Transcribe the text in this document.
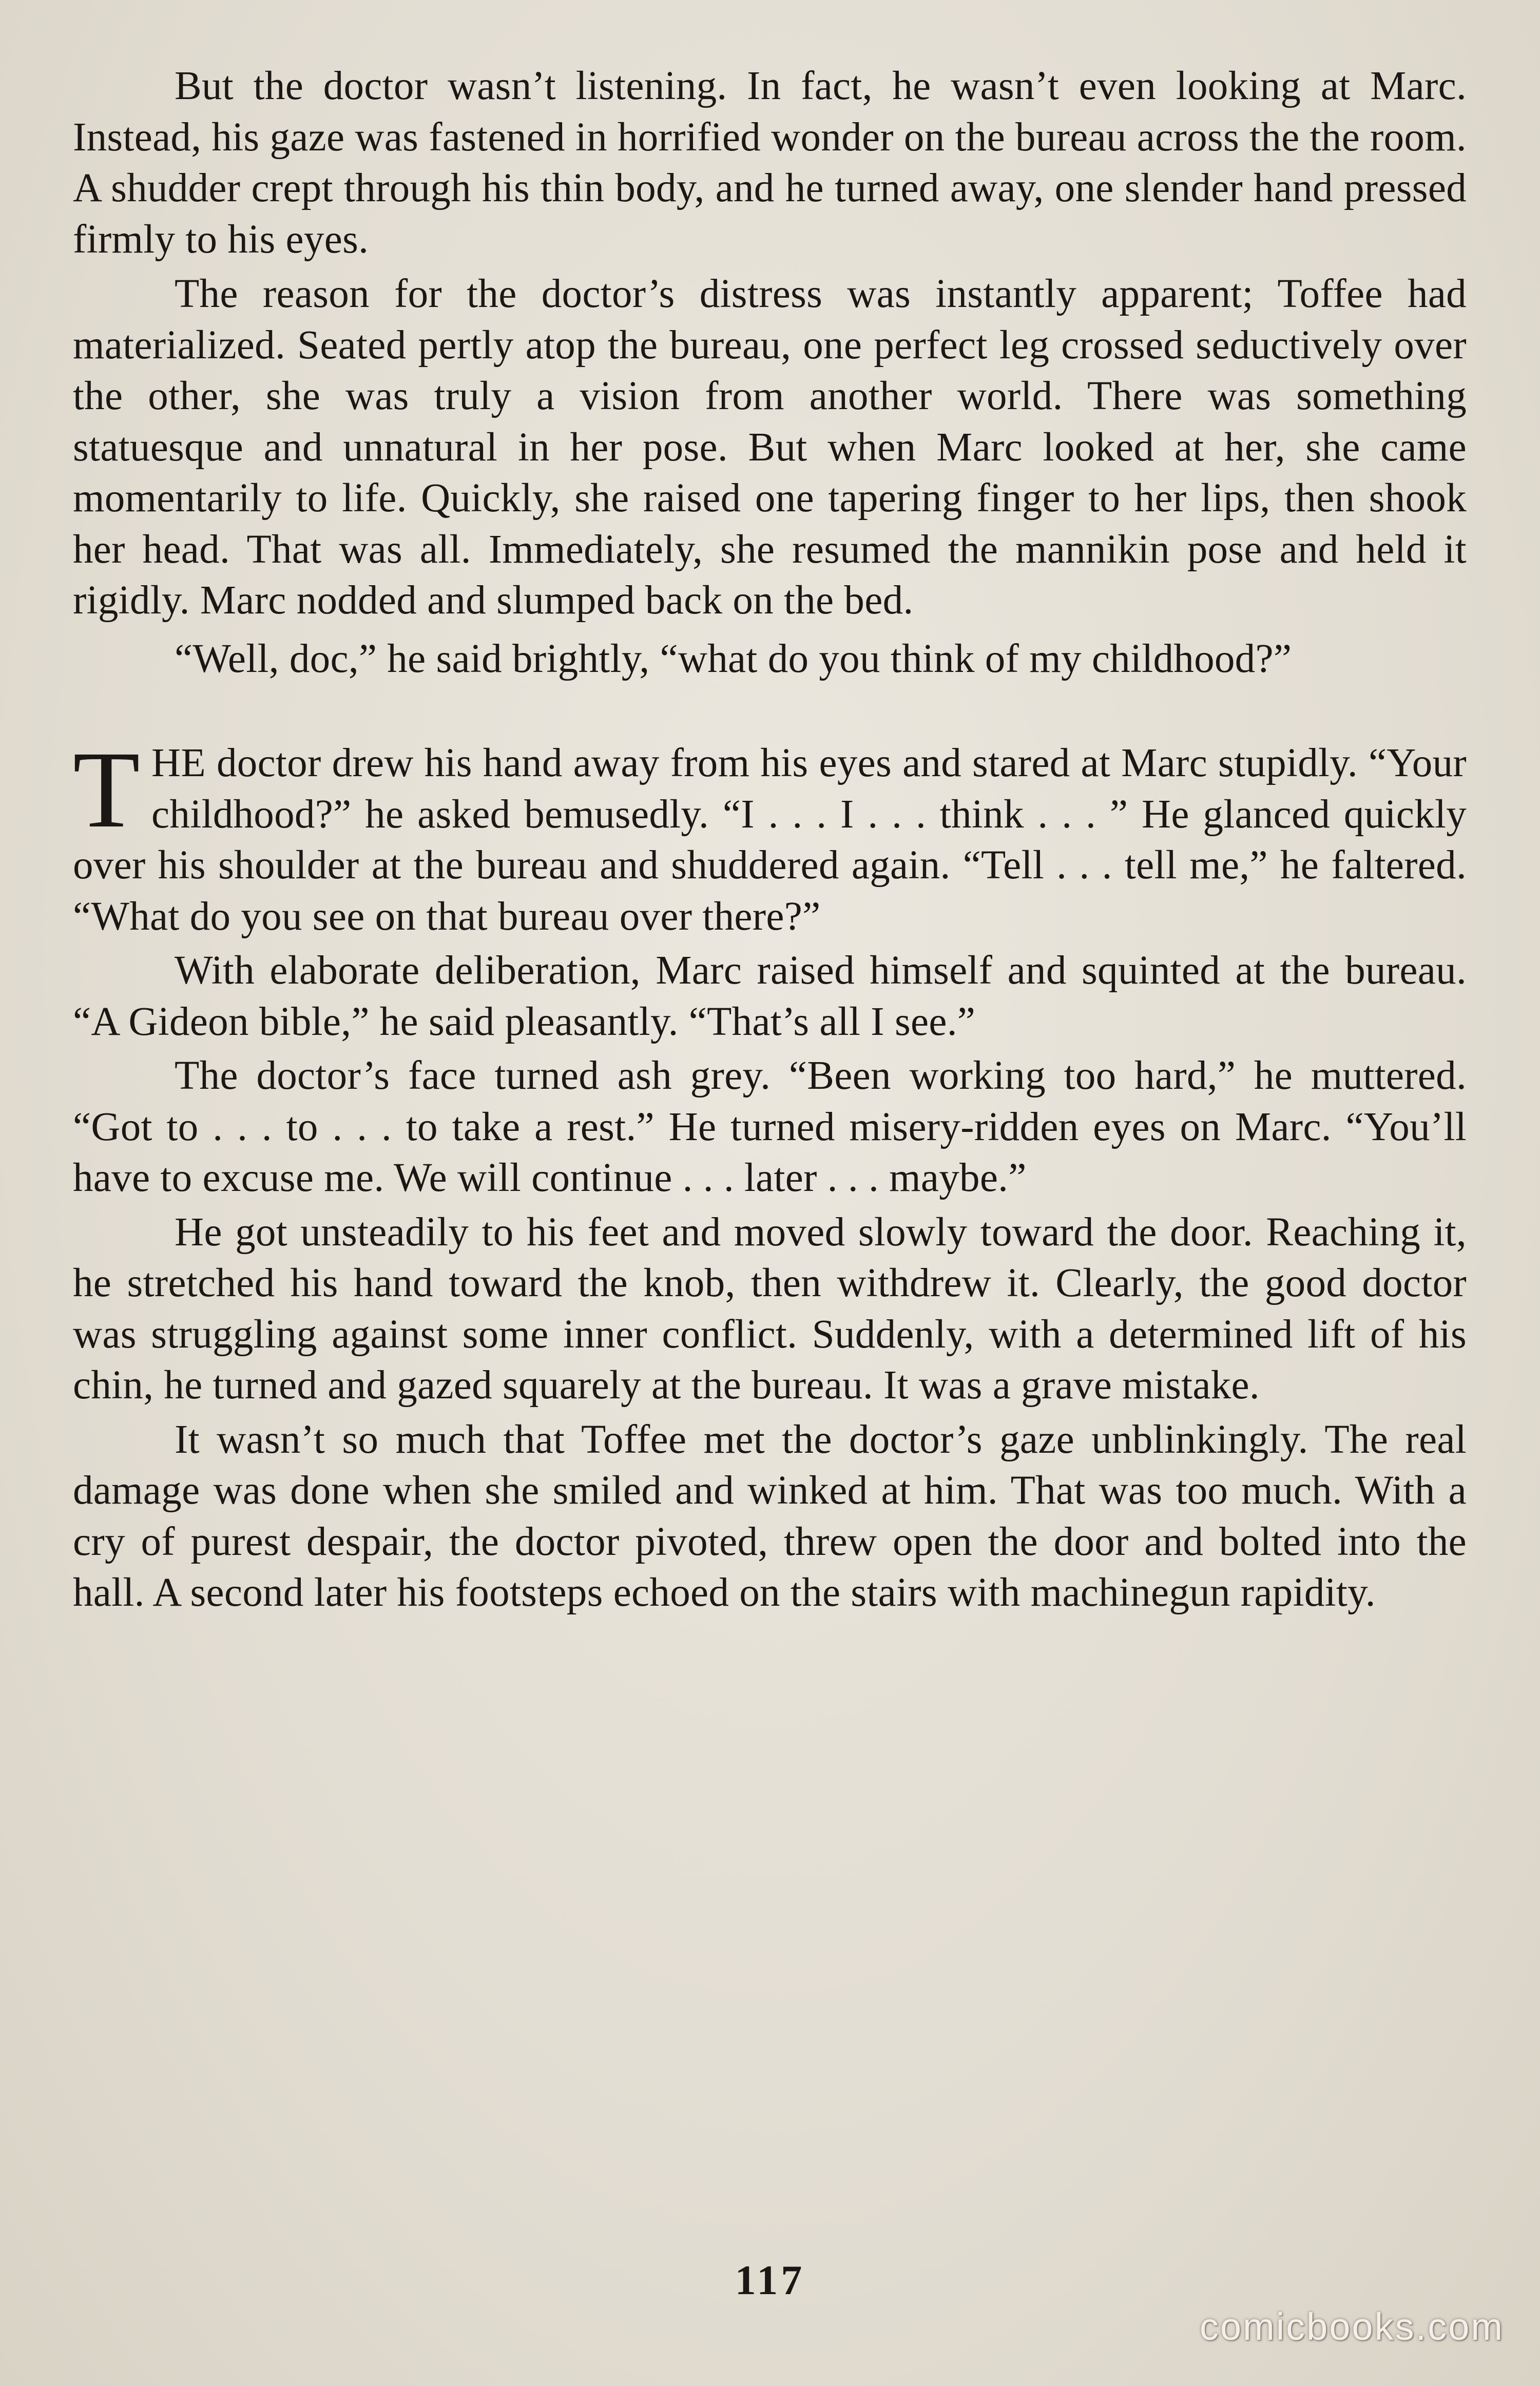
But the doctor wasn’t listening. In fact, he wasn’t even looking at Marc. Instead, his gaze was fastened in horrified wonder on the bureau across the the room. A shudder crept through his thin body, and he turned away, one slender hand pressed firmly to his eyes.

The reason for the doctor’s distress was instantly apparent; Toffee had materialized. Seated pertly atop the bureau, one perfect leg crossed seductively over the other, she was truly a vision from another world. There was something statuesque and unnatural in her pose. But when Marc looked at her, she came momentarily to life. Quickly, she raised one tapering finger to her lips, then shook her head. That was all. Immediately, she resumed the mannikin pose and held it rigidly. Marc nodded and slumped back on the bed.

“Well, doc,” he said brightly, “what do you think of my childhood?”

THE doctor drew his hand away from his eyes and stared at Marc stupidly. “Your childhood?” he asked bemusedly. “I . . . I . . . think . . . ” He glanced quickly over his shoulder at the bureau and shuddered again. “Tell . . . tell me,” he faltered. “What do you see on that bureau over there?”

With elaborate deliberation, Marc raised himself and squinted at the bureau. “A Gideon bible,” he said pleasantly. “That’s all I see.”

The doctor’s face turned ash grey. “Been working too hard,” he muttered. “Got to . . . to . . . to take a rest.” He turned misery-ridden eyes on Marc. “You’ll have to excuse me. We will continue . . . later . . . maybe.”

He got unsteadily to his feet and moved slowly toward the door. Reaching it, he stretched his hand toward the knob, then withdrew it. Clearly, the good doctor was struggling against some inner conflict. Suddenly, with a determined lift of his chin, he turned and gazed squarely at the bureau. It was a grave mistake.

It wasn’t so much that Toffee met the doctor’s gaze unblinkingly. The real damage was done when she smiled and winked at him. That was too much. With a cry of purest despair, the doctor pivoted, threw open the door and bolted into the hall. A second later his footsteps echoed on the stairs with machinegun rapidity.

117
comicbooks.com
